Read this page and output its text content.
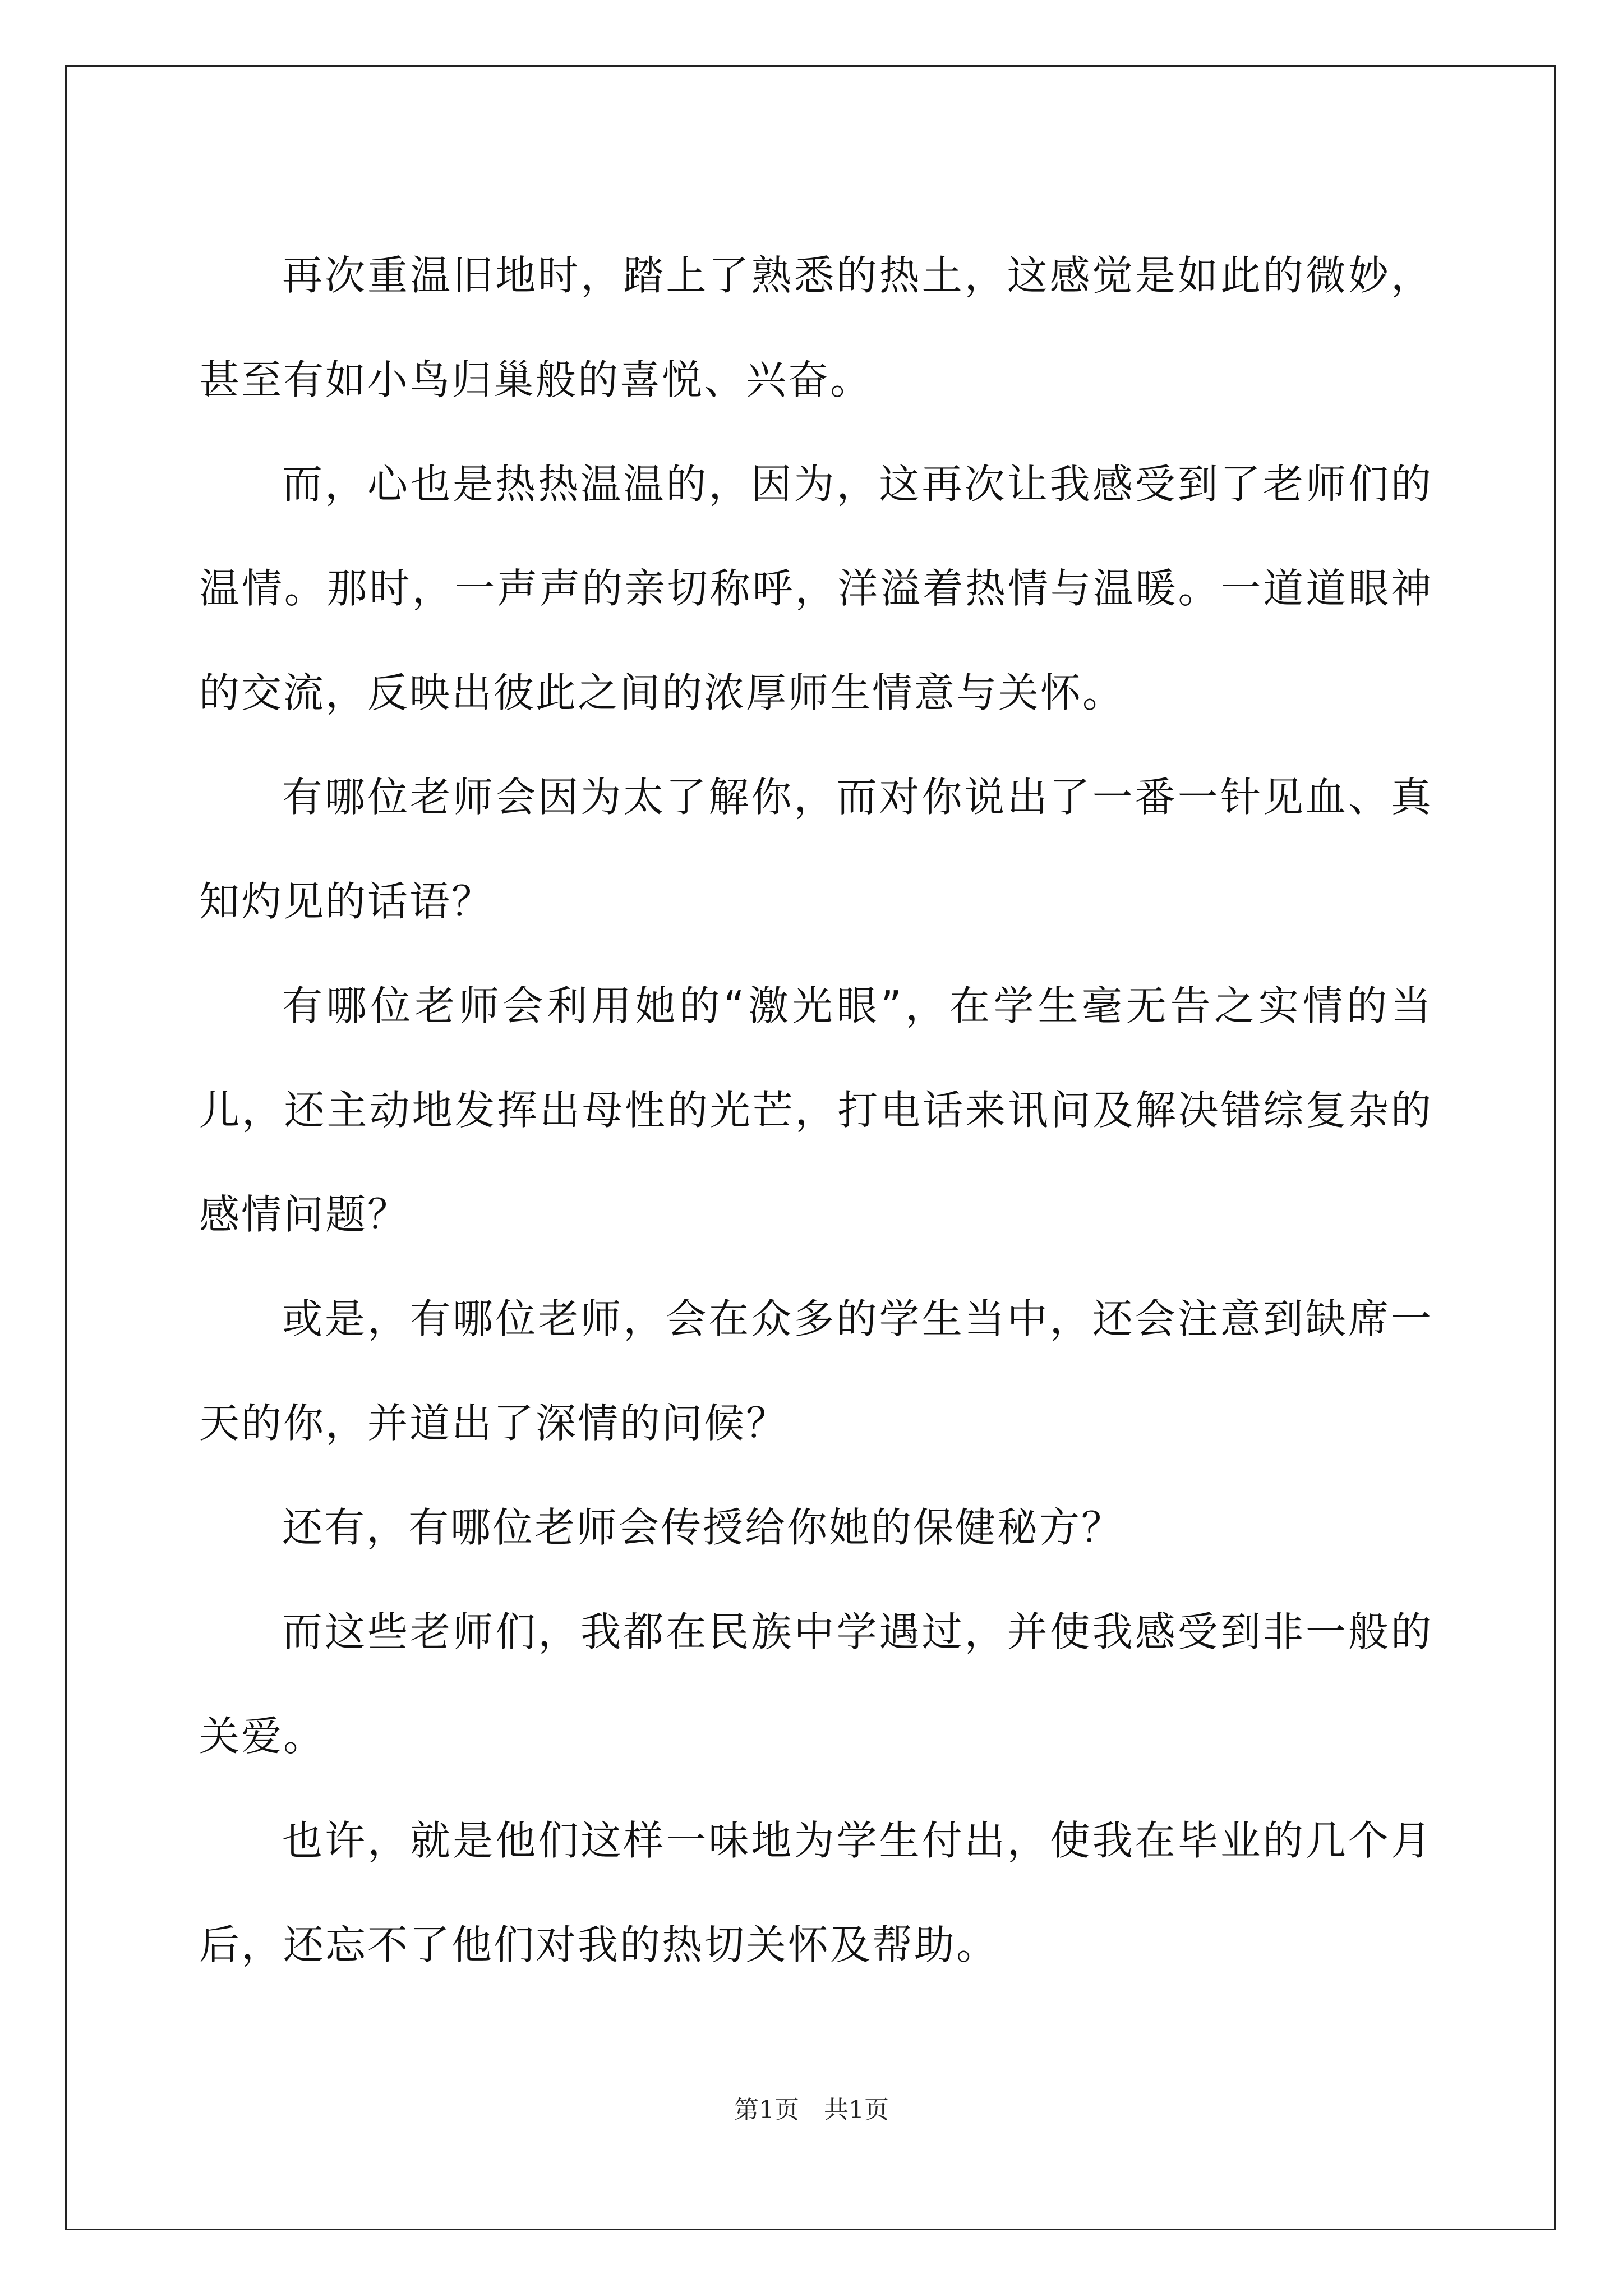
再次重温旧地时，踏上了熟悉的热土，这感觉是如此的微妙，甚至有如小鸟归巢般的喜悦、兴奋。

而，心也是热热温温的，因为，这再次让我感受到了老师们的温情。那时，一声声的亲切称呼，洋溢着热情与温暖。一道道眼神的交流，反映出彼此之间的浓厚师生情意与关怀。

有哪位老师会因为太了解你，而对你说出了一番一针见血、真知灼见的话语？

有哪位老师会利用她的“激光眼”，在学生毫无告之实情的当儿，还主动地发挥出母性的光芒，打电话来讯问及解决错综复杂的感情问题？

或是，有哪位老师，会在众多的学生当中，还会注意到缺席一天的你，并道出了深情的问候？

还有，有哪位老师会传授给你她的保健秘方？

而这些老师们，我都在民族中学遇过，并使我感受到非一般的关爱。

也许，就是他们这样一味地为学生付出，使我在毕业的几个月后，还忘不了他们对我的热切关怀及帮助。

第1页　共1页
